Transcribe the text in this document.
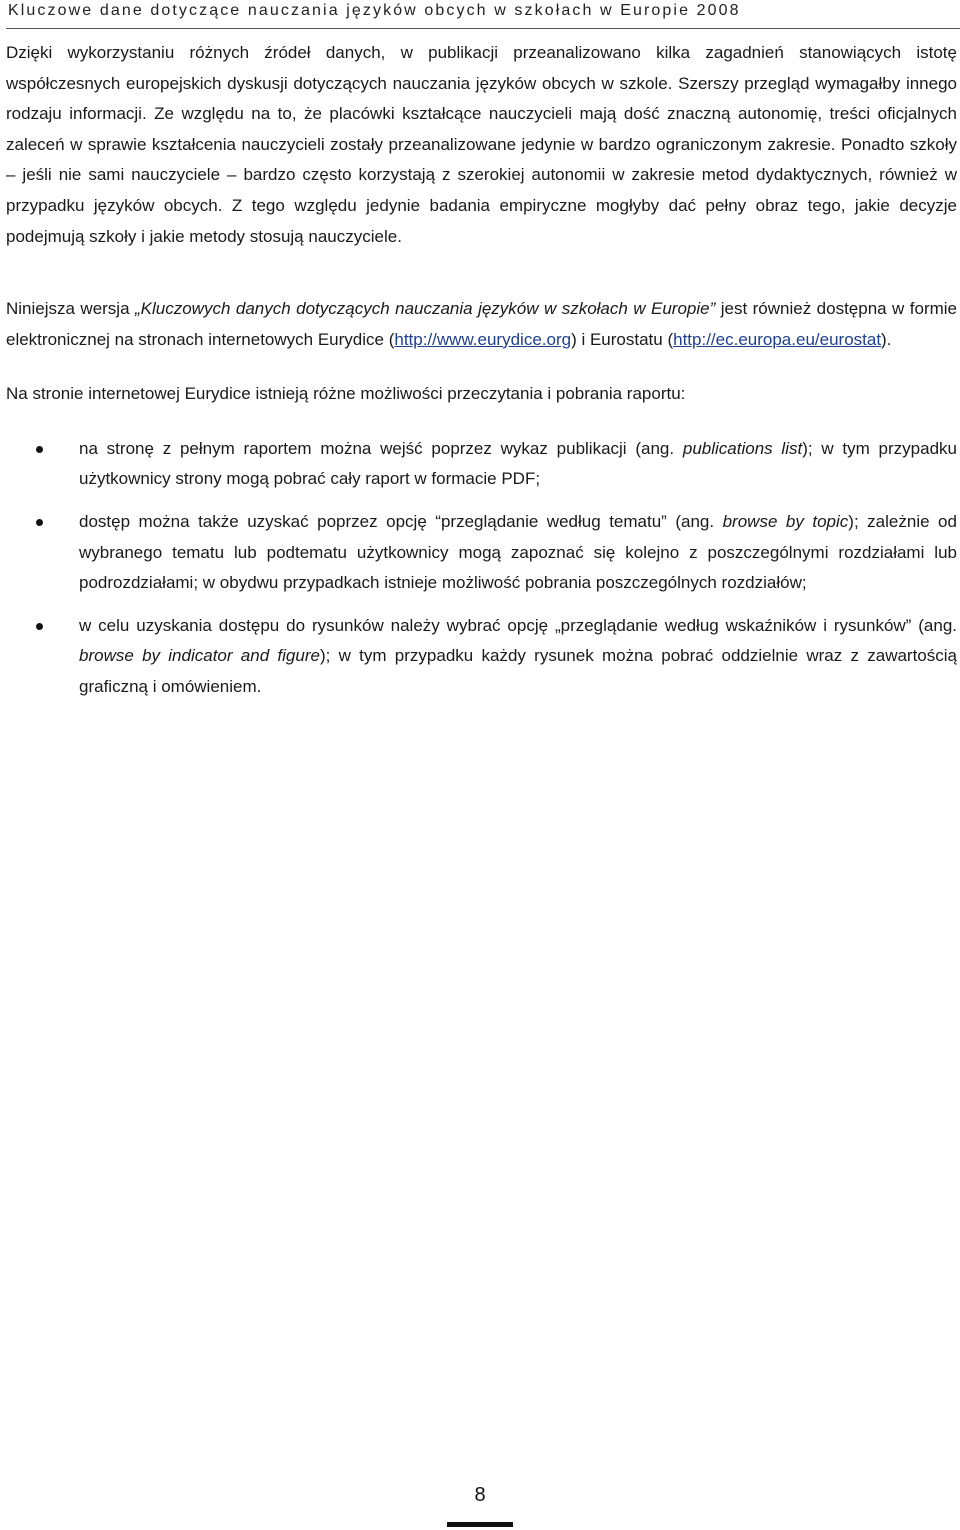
Kluczowe dane dotyczące nauczania języków obcych w szkołach w Europie 2008

Dzięki wykorzystaniu różnych źródeł danych, w publikacji przeanalizowano kilka zagadnień stanowiących istotę współczesnych europejskich dyskusji dotyczących nauczania języków obcych w szkole. Szerszy przegląd wymagałby innego rodzaju informacji. Ze względu na to, że placówki kształcące nauczycieli mają dość znaczną autonomię, treści oficjalnych zaleceń w sprawie kształcenia nauczycieli zostały przeanalizowane jedynie w bardzo ograniczonym zakresie. Ponadto szkoły – jeśli nie sami nauczyciele – bardzo często korzystają z szerokiej autonomii w zakresie metod dydaktycznych, również w przypadku języków obcych. Z tego względu jedynie badania empiryczne mogłyby dać pełny obraz tego, jakie decyzje podejmują szkoły i jakie metody stosują nauczyciele.

Niniejsza wersja „Kluczowych danych dotyczących nauczania języków w szkołach w Europie” jest również dostępna w formie elektronicznej na stronach internetowych Eurydice (http://www.eurydice.org) i Eurostatu (http://ec.europa.eu/eurostat).

Na stronie internetowej Eurydice istnieją różne możliwości przeczytania i pobrania raportu:

na stronę z pełnym raportem można wejść poprzez wykaz publikacji (ang. publications list); w tym przypadku użytkownicy strony mogą pobrać cały raport w formacie PDF;

dostęp można także uzyskać poprzez opcję “przeglądanie według tematu” (ang. browse by topic); zależnie od wybranego tematu lub podtematu użytkownicy mogą zapoznać się kolejno z poszczególnymi rozdziałami lub podrozdziałami; w obydwu przypadkach istnieje możliwość pobrania poszczególnych rozdziałów;

w celu uzyskania dostępu do rysunków należy wybrać opcję „przeglądanie według wskaźników i rysunków” (ang. browse by indicator and figure); w tym przypadku każdy rysunek można pobrać oddzielnie wraz z zawartością graficzną i omówieniem.

8
